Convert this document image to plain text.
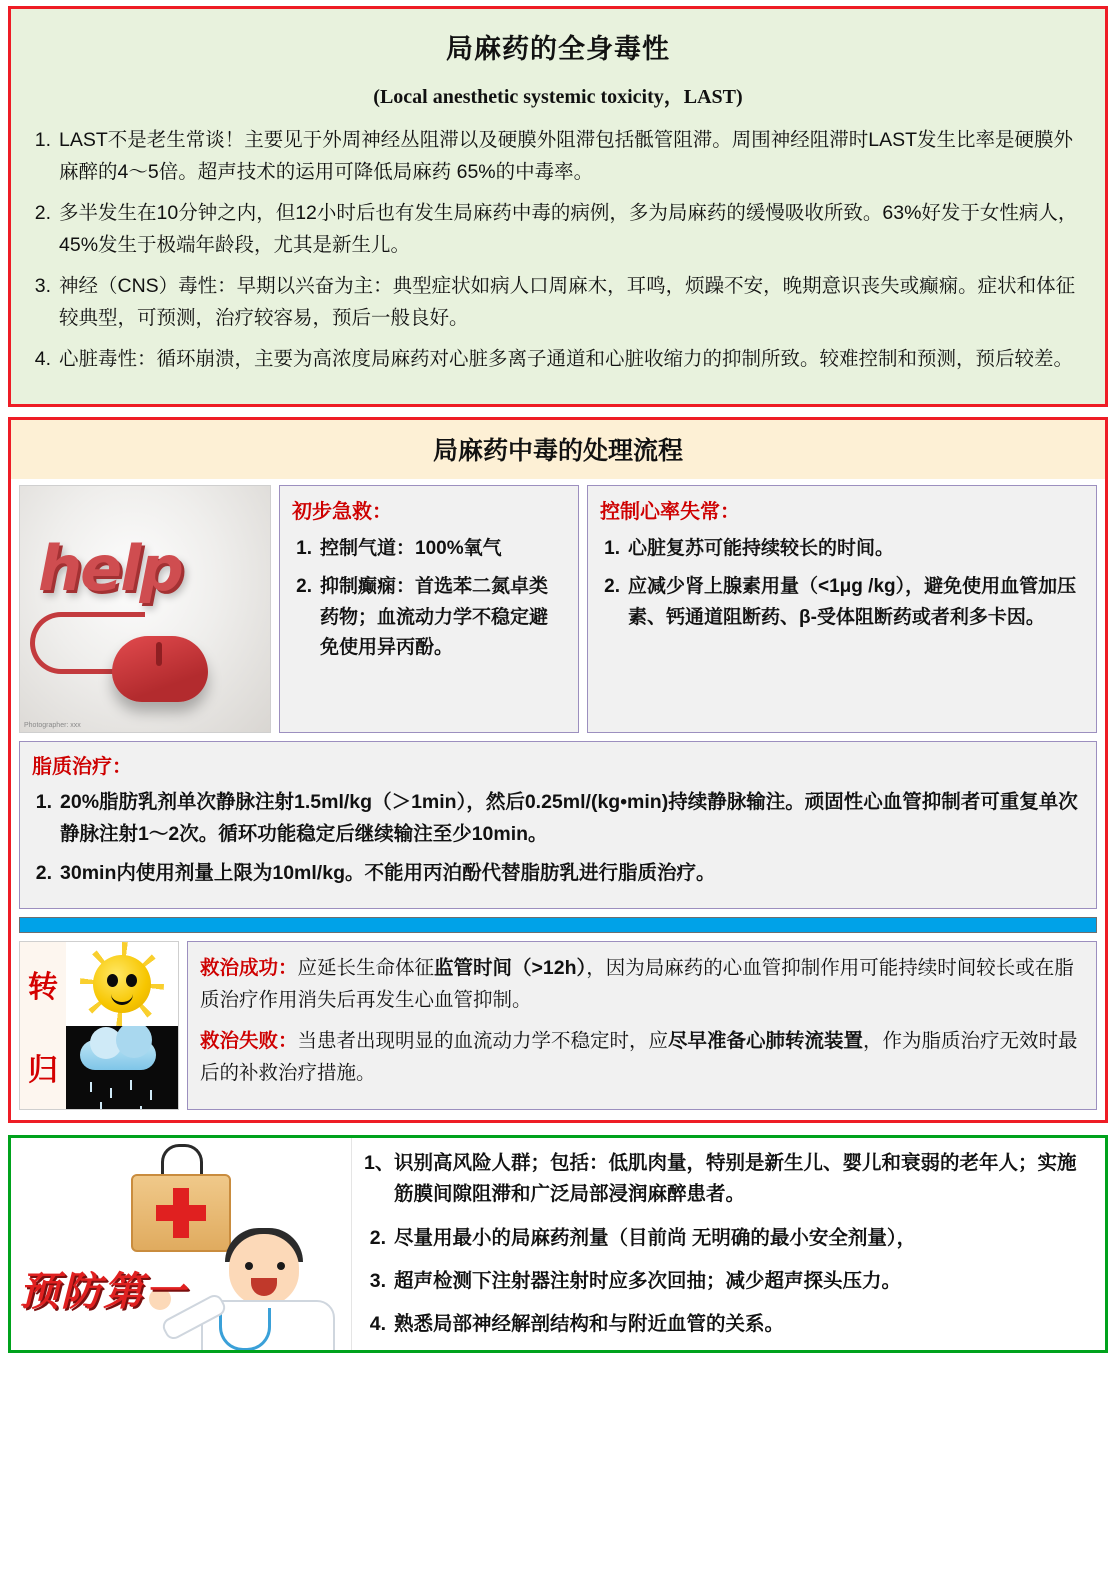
局麻药的全身毒性
(Local anesthetic systemic toxicity，LAST)
1. LAST不是老生常谈！主要见于外周神经丛阻滞以及硬膜外阻滞包括骶管阻滞。周围神经阻滞时LAST发生比率是硬膜外麻醉的4～5倍。超声技术的运用可降低局麻药 65%的中毒率。
2. 多半发生在10分钟之内，但12小时后也有发生局麻药中毒的病例，多为局麻药的缓慢吸收所致。63%好发于女性病人，45%发生于极端年龄段，尤其是新生儿。
3. 神经（CNS）毒性：早期以兴奋为主：典型症状如病人口周麻木，耳鸣，烦躁不安，晚期意识丧失或癫痫。症状和体征较典型，可预测，治疗较容易，预后一般良好。
4. 心脏毒性：循环崩溃，主要为高浓度局麻药对心脏多离子通道和心脏收缩力的抑制所致。较难控制和预测，预后较差。
局麻药中毒的处理流程
help
Photographer: xxx
初步急救：
1. 控制气道：100%氧气
2. 抑制癫痫：首选苯二氮卓类药物；血流动力学不稳定避免使用异丙酚。
控制心率失常：
1. 心脏复苏可能持续较长的时间。
2. 应减少肾上腺素用量（<1μg /kg），避免使用血管加压素、钙通道阻断药、β-受体阻断药或者利多卡因。
脂质治疗：
1. 20%脂肪乳剂单次静脉注射1.5ml/kg（＞1min），然后0.25ml/(kg•min)持续静脉输注。顽固性心血管抑制者可重复单次静脉注射1～2次。循环功能稳定后继续输注至少10min。
2. 30min内使用剂量上限为10ml/kg。不能用丙泊酚代替脂肪乳进行脂质治疗。
转
归

救治成功：应延长生命体征监管时间（>12h），因为局麻药的心血管抑制作用可能持续时间较长或在脂质治疗作用消失后再发生心血管抑制。

救治失败：当患者出现明显的血流动力学不稳定时，应尽早准备心肺转流装置，作为脂质治疗无效时最后的补救治疗措施。

预防第一
1、 识别高风险人群；包括：低肌肉量，特别是新生儿、婴儿和衰弱的老年人；实施筋膜间隙阻滞和广泛局部浸润麻醉患者。
2. 尽量用最小的局麻药剂量（目前尚 无明确的最小安全剂量），
3. 超声检测下注射器注射时应多次回抽；减少超声探头压力。
4. 熟悉局部神经解剖结构和与附近血管的关系。
